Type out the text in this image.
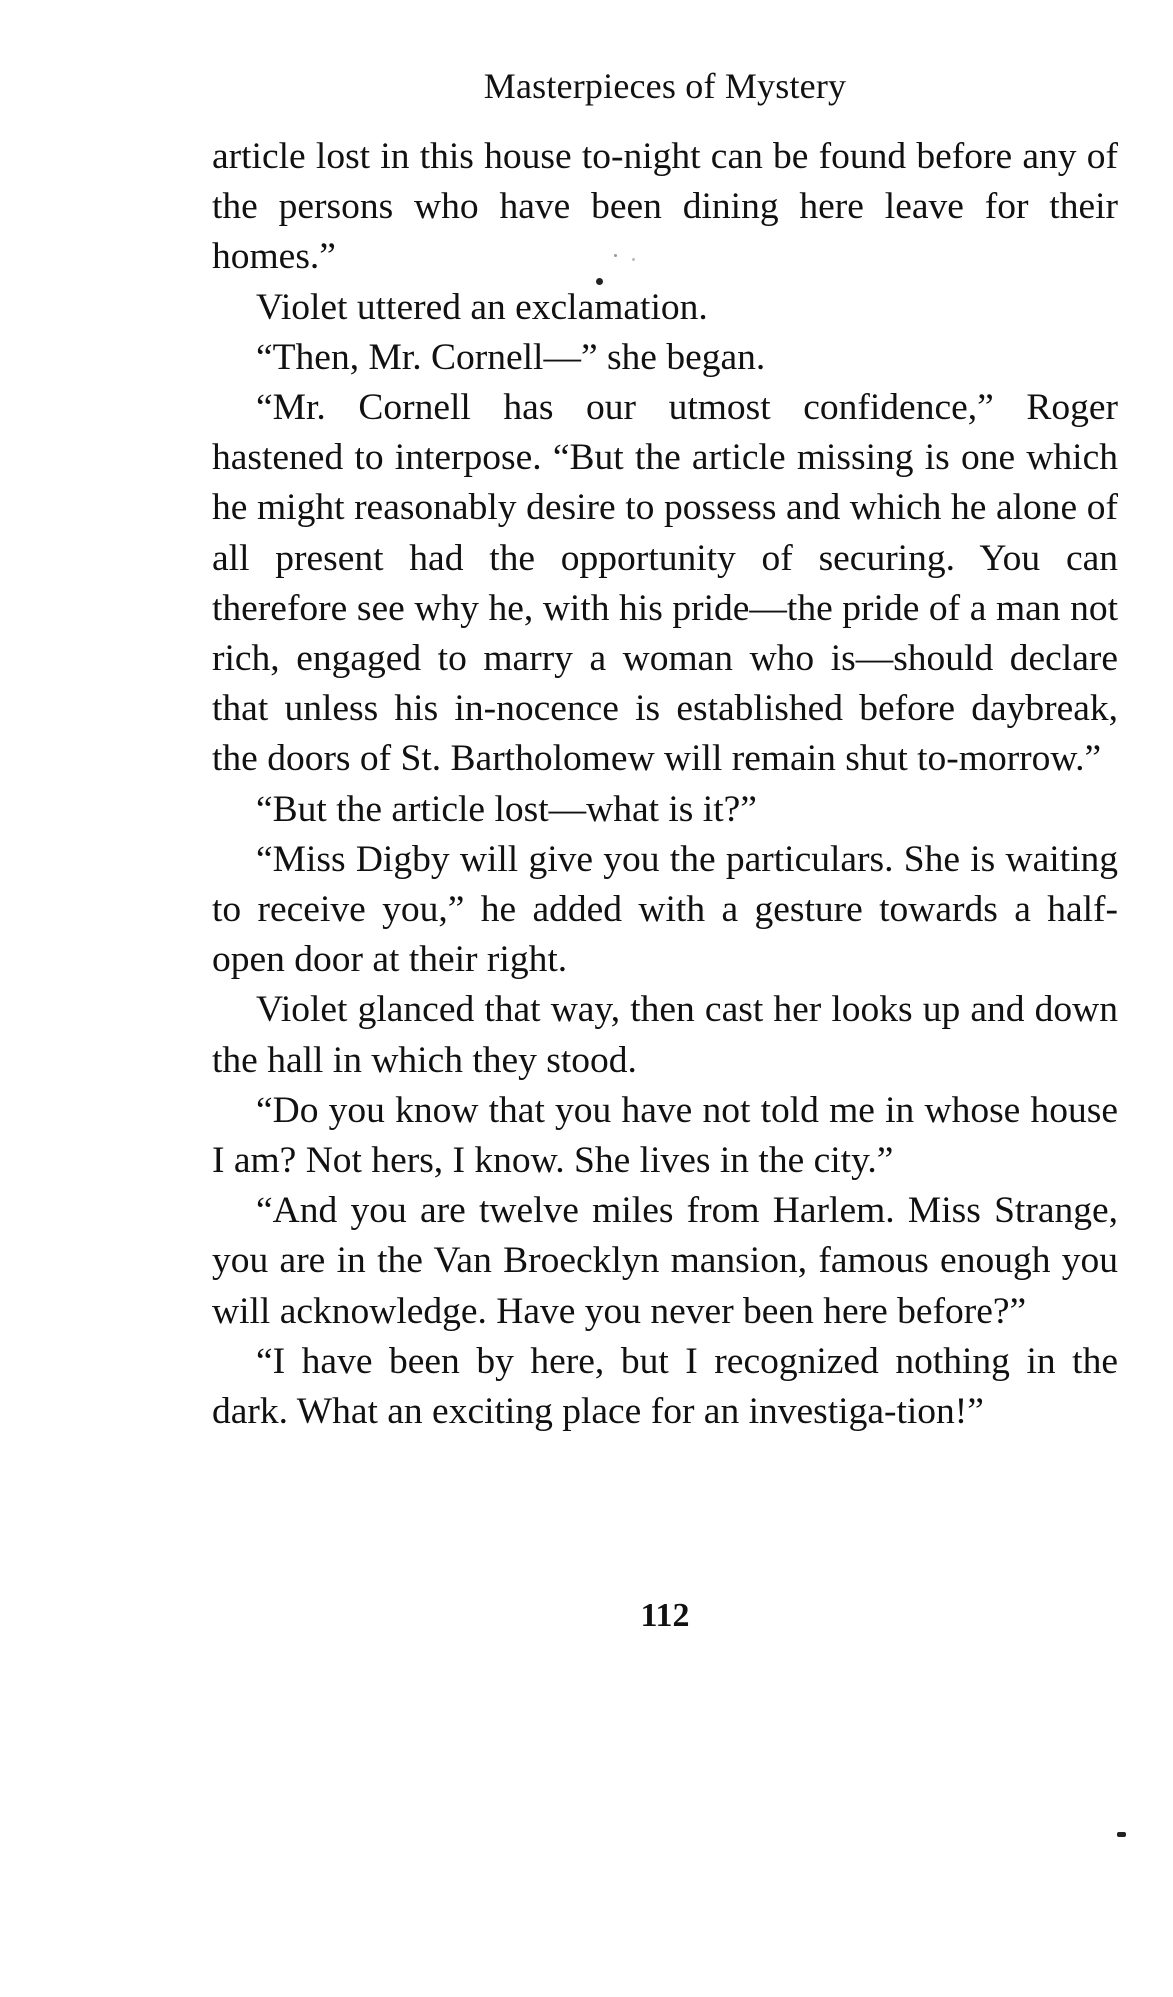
Masterpieces of Mystery

article lost in this house to-night can be found before any of the persons who have been dining here leave for their homes.”

Violet uttered an exclamation.

“Then, Mr. Cornell—” she began.

“Mr. Cornell has our utmost confidence,” Roger hastened to interpose. “But the article missing is one which he might reasonably desire to possess and which he alone of all present had the opportunity of securing. You can therefore see why he, with his pride—the pride of a man not rich, engaged to marry a woman who is—should declare that unless his in-nocence is established before daybreak, the doors of St. Bartholomew will remain shut to-morrow.”

“But the article lost—what is it?”

“Miss Digby will give you the particulars. She is waiting to receive you,” he added with a gesture towards a half-open door at their right.

Violet glanced that way, then cast her looks up and down the hall in which they stood.

“Do you know that you have not told me in whose house I am? Not hers, I know. She lives in the city.”

“And you are twelve miles from Harlem. Miss Strange, you are in the Van Broecklyn mansion, famous enough you will acknowledge. Have you never been here before?”

“I have been by here, but I recognized nothing in the dark. What an exciting place for an investiga-tion!”

112
